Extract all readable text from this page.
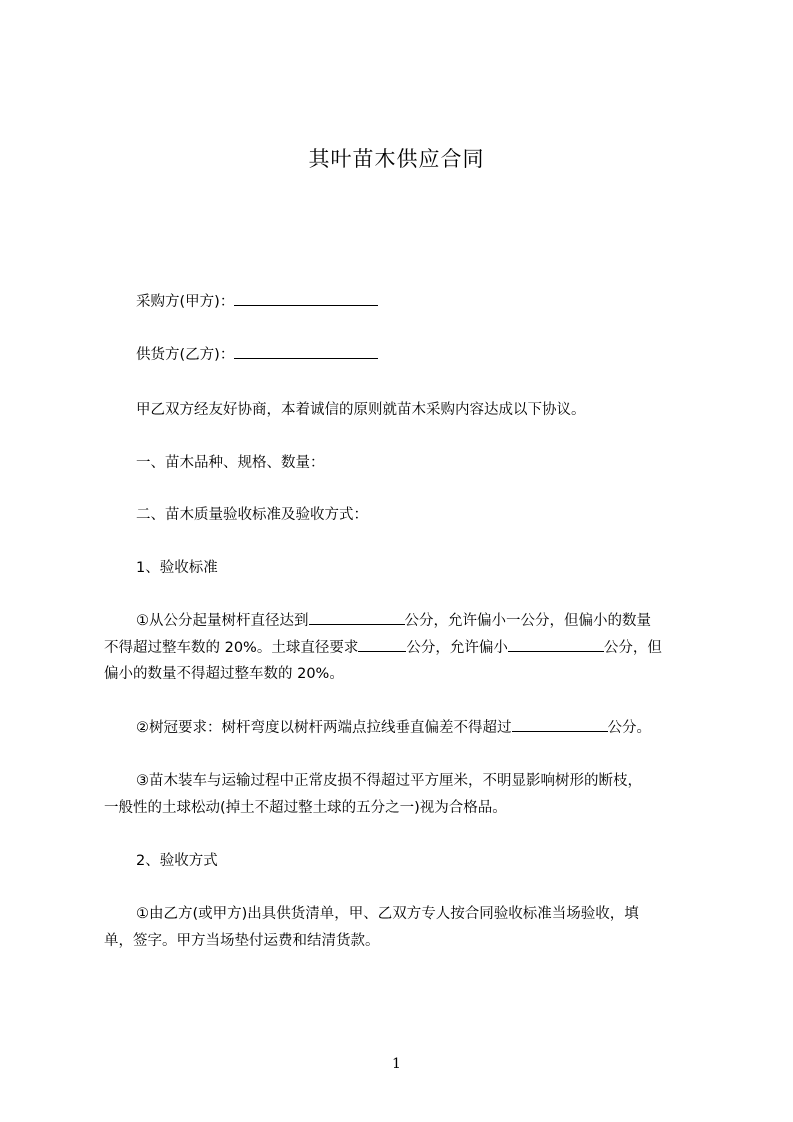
其叶苗木供应合同
采购方(甲方)：
供货方(乙方)：
甲乙双方经友好协商，本着诚信的原则就苗木采购内容达成以下协议。
一、苗木品种、规格、数量：
二、苗木质量验收标准及验收方式：
1、验收标准
①从公分起量树杆直径达到	公分，允许偏小一公分，但偏小的数量
不得超过整车数的 20%。土球直径要求	公分，允许偏小	公分，但
偏小的数量不得超过整车数的 20%。
②树冠要求：树杆弯度以树杆两端点拉线垂直偏差不得超过	公分。
③苗木装车与运输过程中正常皮损不得超过平方厘米，不明显影响树形的断枝，
一般性的土球松动(掉土不超过整土球的五分之一)视为合格品。
2、验收方式
①由乙方(或甲方)出具供货清单，甲、乙双方专人按合同验收标准当场验收，填
单，签字。甲方当场垫付运费和结清货款。
1
